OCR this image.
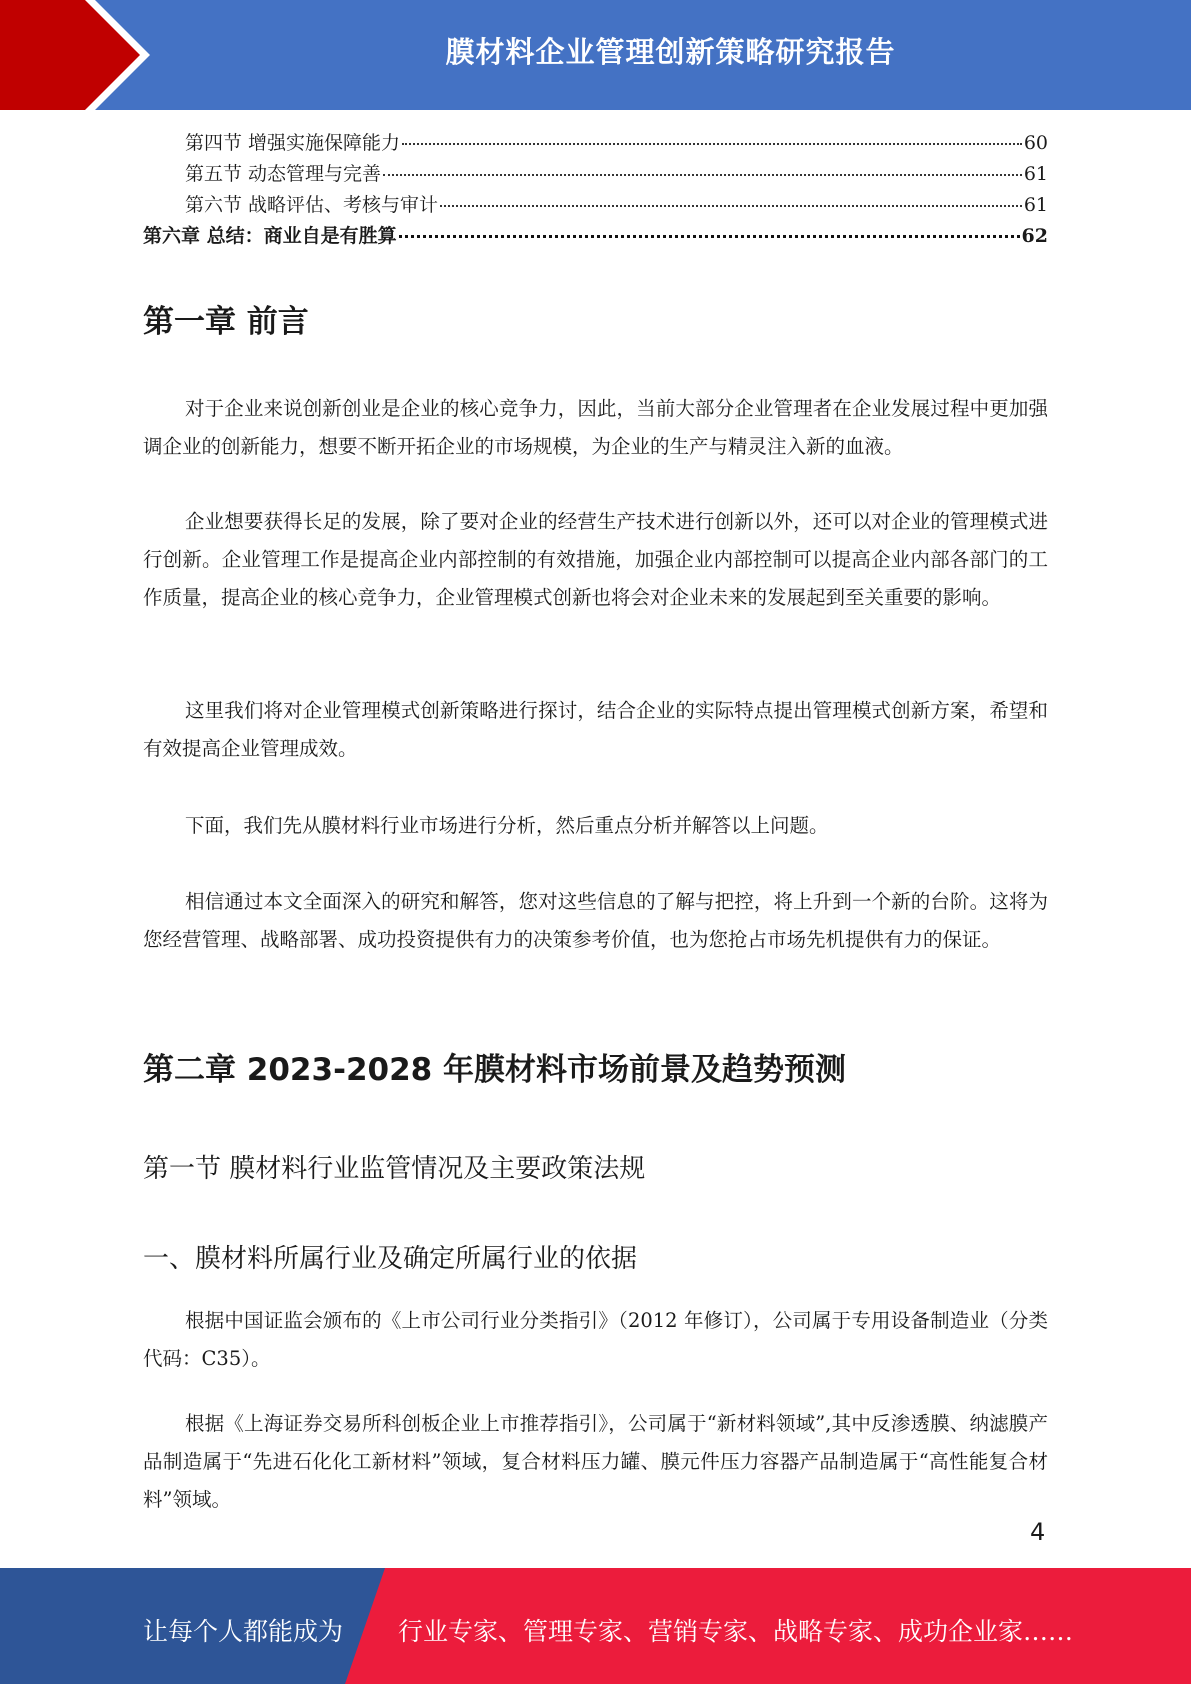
膜材料企业管理创新策略研究报告
第四节 增强实施保障能力	60
第五节 动态管理与完善	61
第六节 战略评估、考核与审计	61
第六章 总结：商业自是有胜算	62
第一章 前言

对于企业来说创新创业是企业的核心竞争力，因此，当前大部分企业管理者在企业发展过程中更加强调企业的创新能力，想要不断开拓企业的市场规模，为企业的生产与精灵注入新的血液。

企业想要获得长足的发展，除了要对企业的经营生产技术进行创新以外，还可以对企业的管理模式进行创新。企业管理工作是提高企业内部控制的有效措施，加强企业内部控制可以提高企业内部各部门的工作质量，提高企业的核心竞争力，企业管理模式创新也将会对企业未来的发展起到至关重要的影响。

这里我们将对企业管理模式创新策略进行探讨，结合企业的实际特点提出管理模式创新方案，希望和有效提高企业管理成效。

下面，我们先从膜材料行业市场进行分析，然后重点分析并解答以上问题。

相信通过本文全面深入的研究和解答，您对这些信息的了解与把控，将上升到一个新的台阶。这将为您经营管理、战略部署、成功投资提供有力的决策参考价值，也为您抢占市场先机提供有力的保证。

第二章 2023-2028 年膜材料市场前景及趋势预测
第一节 膜材料行业监管情况及主要政策法规
一、膜材料所属行业及确定所属行业的依据

根据中国证监会颁布的《上市公司行业分类指引》（2012 年修订），公司属于专用设备制造业（分类代码：C35）。

根据《上海证券交易所科创板企业上市推荐指引》，公司属于“新材料领域”,其中反渗透膜、纳滤膜产品制造属于“先进石化化工新材料”领域，复合材料压力罐、膜元件压力容器产品制造属于“高性能复合材料”领域。

4
让每个人都能成为 行业专家、管理专家、营销专家、战略专家、成功企业家……
